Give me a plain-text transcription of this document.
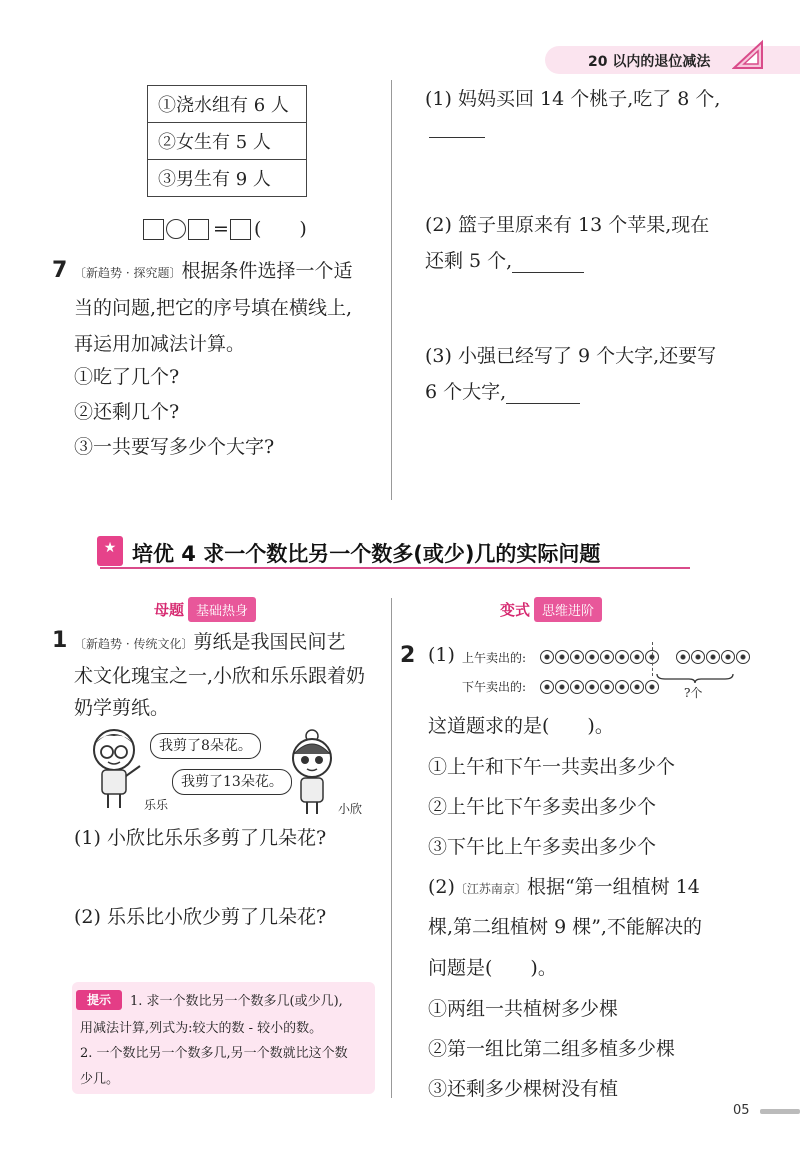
20 以内的退位减法
①浇水组有 6 人
②女生有 5 人
③男生有 9 人
= (　　)
7 〔新趋势 · 探究题〕根据条件选择一个适
当的问题,把它的序号填在横线上,
再运用加减法计算。
①吃了几个?
②还剩几个?
③一共要写多少个大字?
(1) 妈妈买回 14 个桃子,吃了 8 个,
(2) 篮子里原来有 13 个苹果,现在
还剩 5 个,
(3) 小强已经写了 9 个大字,还要写
6 个大字,
★ 培优 4 求一个数比另一个数多(或少)几的实际问题
母题 基础热身
1 〔新趋势 · 传统文化〕剪纸是我国民间艺
术文化瑰宝之一,小欣和乐乐跟着奶
奶学剪纸。
我剪了8朵花。
我剪了13朵花。
乐乐	小欣
(1) 小欣比乐乐多剪了几朵花?
(2) 乐乐比小欣少剪了几朵花?
提示	1. 求一个数比另一个数多几(或少几),
用减法计算,列式为:较大的数 - 较小的数。
2. 一个数比另一个数多几,另一个数就比这个数
少几。
变式 思维进阶
2 (1) 上午卖出的:

下午卖出的:	?个
这道题求的是(　　)。
①上午和下午一共卖出多少个
②上午比下午多卖出多少个
③下午比上午多卖出多少个
(2)〔江苏南京〕根据“第一组植树 14
棵,第二组植树 9 棵”,不能解决的
问题是(　　)。
①两组一共植树多少棵
②第一组比第二组多植多少棵
③还剩多少棵树没有植
05
